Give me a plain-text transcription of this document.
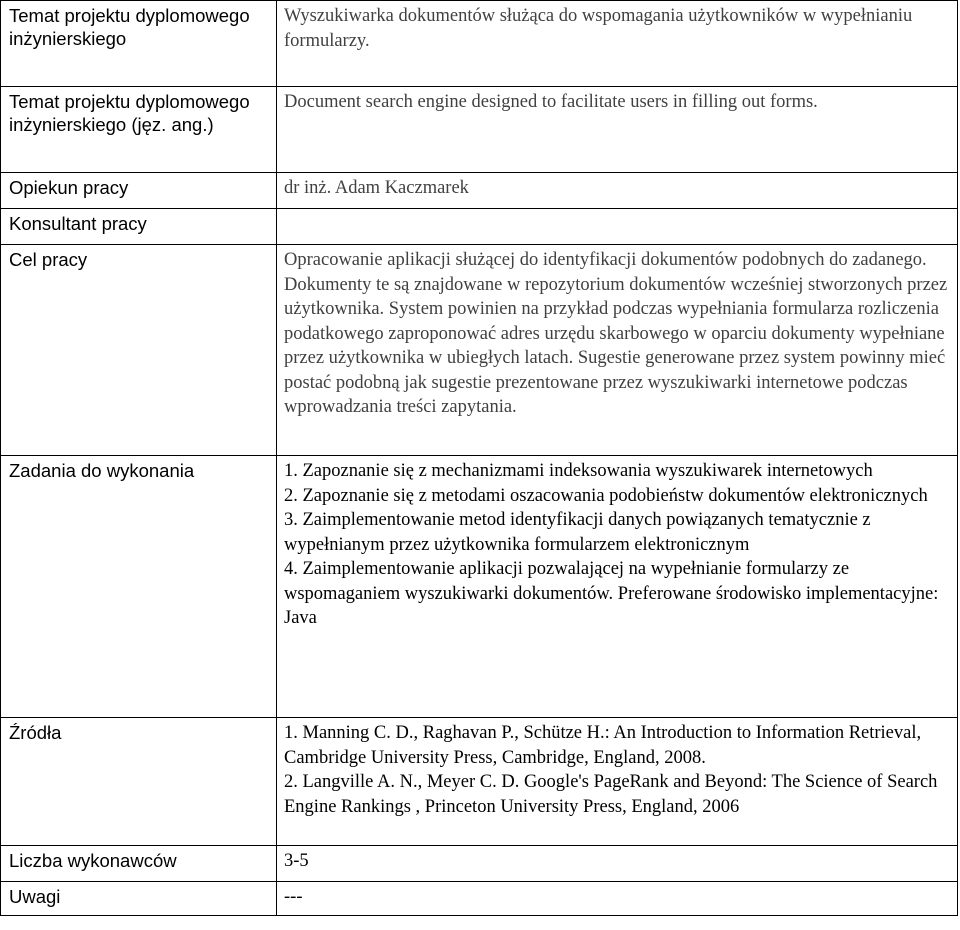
Temat projektu dyplomowego inżynierskiego	Wyszukiwarka dokumentów służąca do wspomagania użytkowników w wypełnianiu formularzy.
Temat projektu dyplomowego inżynierskiego (jęz. ang.)	Document search engine designed to facilitate users in filling out forms.
Opiekun pracy	dr inż. Adam Kaczmarek
Konsultant pracy	
Cel pracy	Opracowanie aplikacji służącej do identyfikacji dokumentów podobnych do zadanego. Dokumenty te są znajdowane w repozytorium dokumentów wcześniej stworzonych przez użytkownika. System powinien na przykład podczas wypełniania formularza rozliczenia podatkowego zaproponować adres urzędu skarbowego w oparciu dokumenty wypełniane przez użytkownika w ubiegłych latach. Sugestie generowane przez system powinny mieć postać podobną jak sugestie prezentowane przez wyszukiwarki internetowe podczas wprowadzania treści zapytania.
Zadania do wykonania	1. Zapoznanie się z mechanizmami indeksowania wyszukiwarek internetowych
2. Zapoznanie się z metodami oszacowania podobieństw dokumentów elektronicznych
3. Zaimplementowanie metod identyfikacji danych powiązanych tematycznie z wypełnianym przez użytkownika formularzem elektronicznym
4. Zaimplementowanie aplikacji pozwalającej na wypełnianie formularzy ze wspomaganiem wyszukiwarki dokumentów. Preferowane środowisko implementacyjne: Java

Źródła	1. Manning C. D., Raghavan P., Schütze H.: An Introduction to Information Retrieval, Cambridge University Press, Cambridge, England, 2008.
2. Langville A. N., Meyer C. D. Google's PageRank and Beyond: The Science of Search Engine Rankings , Princeton University Press, England, 2006

Liczba wykonawców	3-5
Uwagi	---
